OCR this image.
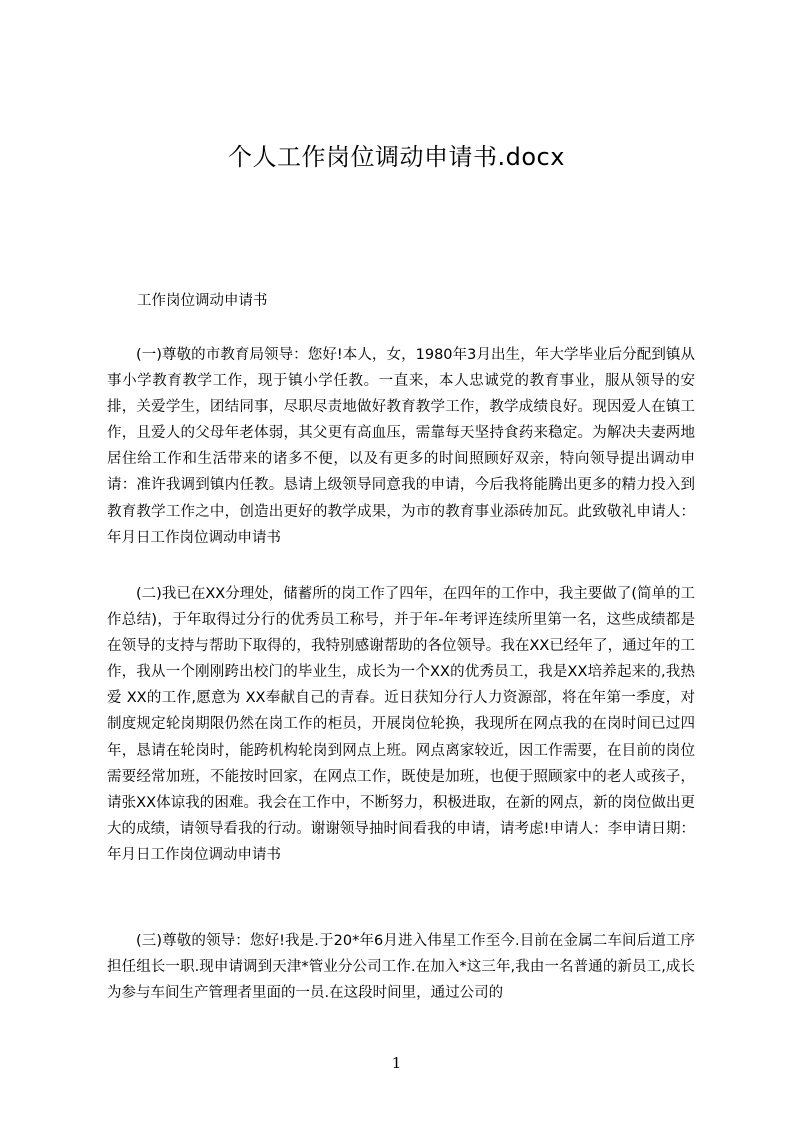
个人工作岗位调动申请书.docx
工作岗位调动申请书
(一)尊敬的市教育局领导：您好!本人，女，1980年3月出生，年大学毕业后分配到镇从事小学教育教学工作，现于镇小学任教。一直来，本人忠诚党的教育事业，服从领导的安排，关爱学生，团结同事，尽职尽责地做好教育教学工作，教学成绩良好。现因爱人在镇工作，且爱人的父母年老体弱，其父更有高血压，需靠每天坚持食药来稳定。为解决夫妻两地居住给工作和生活带来的诸多不便，以及有更多的时间照顾好双亲，特向领导提出调动申请：准许我调到镇内任教。恳请上级领导同意我的申请，今后我将能腾出更多的精力投入到教育教学工作之中，创造出更好的教学成果，为市的教育事业添砖加瓦。此致敬礼申请人：年月日工作岗位调动申请书
(二)我已在XX分理处，储蓄所的岗工作了四年，在四年的工作中，我主要做了(简单的工作总结)，于年取得过分行的优秀员工称号，并于年-年考评连续所里第一名，这些成绩都是在领导的支持与帮助下取得的，我特别感谢帮助的各位领导。我在XX已经年了，通过年的工作，我从一个刚刚跨出校门的毕业生，成长为一个XX的优秀员工，我是XX培养起来的,我热爱 XX的工作,愿意为 XX奉献自己的青春。近日获知分行人力资源部，将在年第一季度，对制度规定轮岗期限仍然在岗工作的柜员，开展岗位轮换，我现所在网点我的在岗时间已过四年，恳请在轮岗时，能跨机构轮岗到网点上班。网点离家较近，因工作需要，在目前的岗位需要经常加班，不能按时回家，在网点工作，既使是加班，也便于照顾家中的老人或孩子，请张XX体谅我的困难。我会在工作中，不断努力，积极进取，在新的网点，新的岗位做出更大的成绩，请领导看我的行动。谢谢领导抽时间看我的申请，请考虑!申请人：李申请日期：年月日工作岗位调动申请书
(三)尊敬的领导：您好!我是.于20*年6月进入伟星工作至今.目前在金属二车间后道工序担任组长一职.现申请调到天津*管业分公司工作.在加入*这三年,我由一名普通的新员工,成长为参与车间生产管理者里面的一员.在这段时间里，通过公司的
1
